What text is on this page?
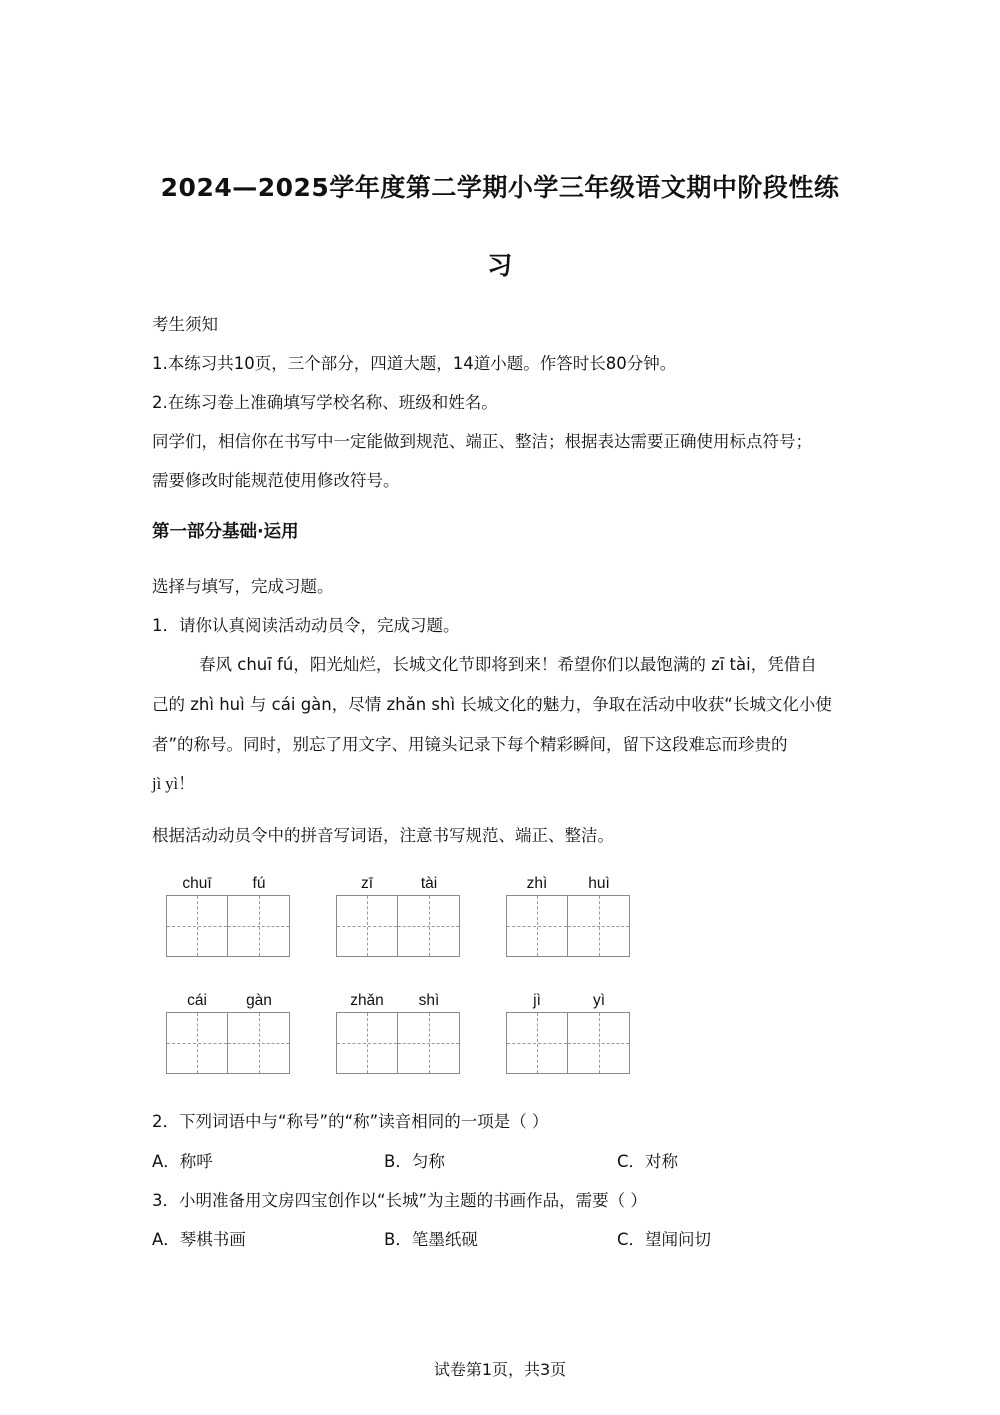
2024—2025学年度第二学期小学三年级语文期中阶段性练
习
考生须知
1.本练习共10页，三个部分，四道大题，14道小题。作答时长80分钟。
2.在练习卷上准确填写学校名称、班级和姓名。
同学们，相信你在书写中一定能做到规范、端正、整洁；根据表达需要正确使用标点符号；
需要修改时能规范使用修改符号。
第一部分基础·运用
选择与填写，完成习题。
1．请你认真阅读活动动员令，完成习题。
春风 chuī fú，阳光灿烂，长城文化节即将到来！希望你们以最饱满的 zī tài，凭借自
己的 zhì huì 与 cái gàn，尽情 zhǎn shì 长城文化的魅力，争取在活动中收获“长城文化小使
者”的称号。同时，别忘了用文字、用镜头记录下每个精彩瞬间，留下这段难忘而珍贵的
jì yì！
根据活动动员令中的拼音写词语，注意书写规范、端正、整洁。
chuī	fú	zī	tài	zhì	huì
cái	gàn	zhǎn	shì	jì	yì
2．下列词语中与“称号”的“称”读音相同的一项是（ ）
A．称呼	B．匀称	C．对称
3．小明准备用文房四宝创作以“长城”为主题的书画作品，需要（ ）
A．琴棋书画	B．笔墨纸砚	C．望闻问切
试卷第1页，共3页
